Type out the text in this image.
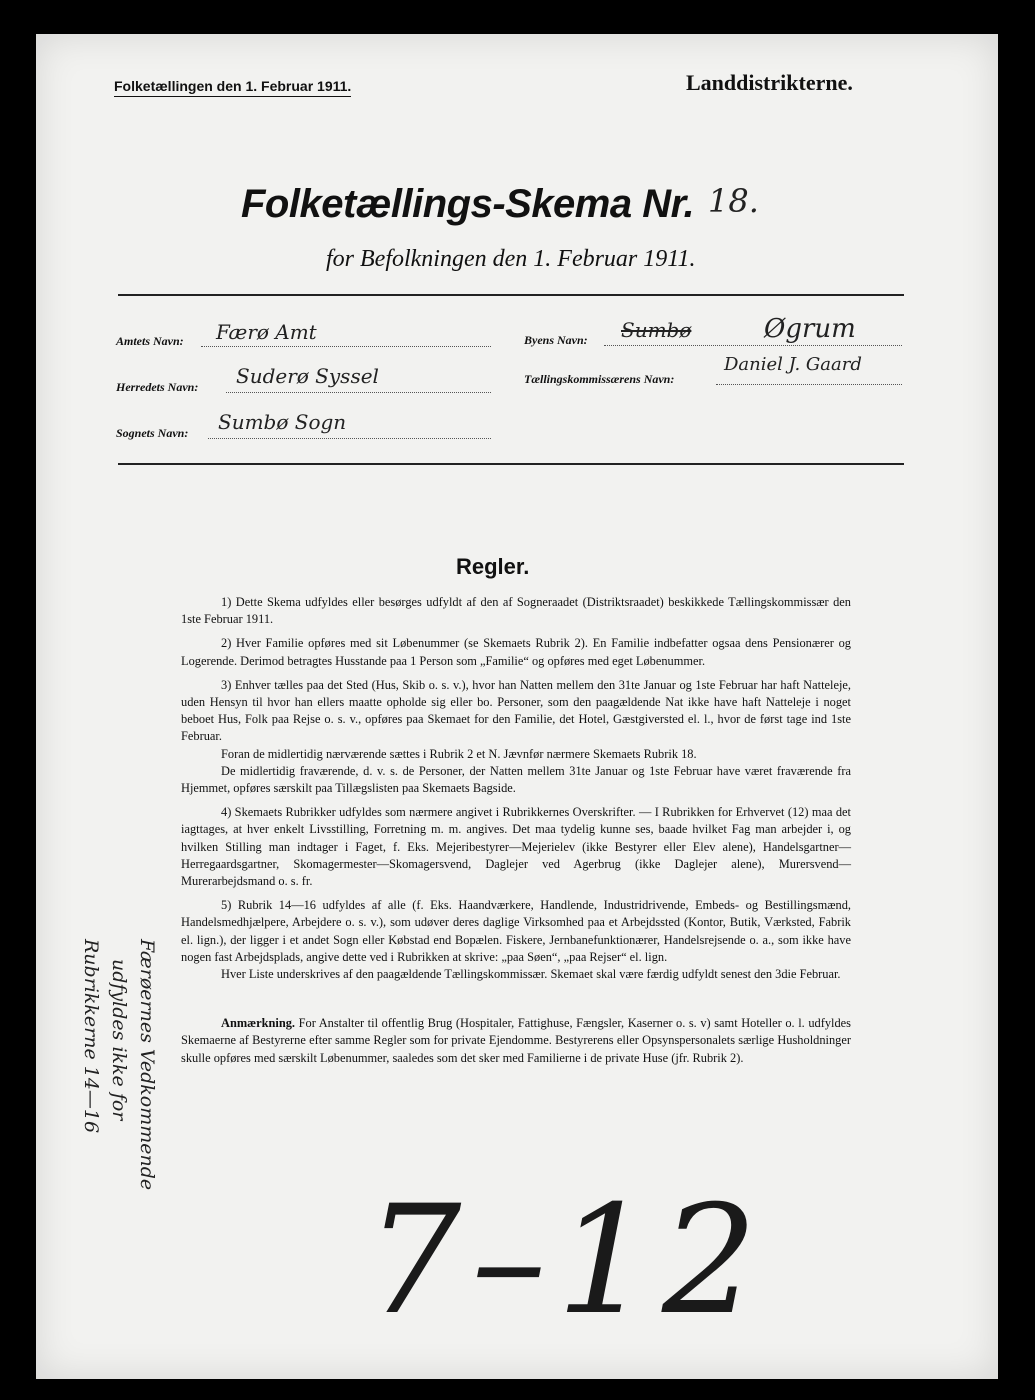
Folketællingen den 1. Februar 1911.	Landdistrikterne.
Folketællings-Skema Nr. 18.
for Befolkningen den 1. Februar 1911.
Amtets Navn: Færø Amt
Herredets Navn: Suderø Syssel
Sognets Navn: Sumbø Sogn
Byens Navn: Sumbø	Øgrum
Tællingskommissærens Navn:
Daniel J. Gaard
Regler.

1) Dette Skema udfyldes eller besørges udfyldt af den af Sogneraadet (Distriktsraadet) beskikkede Tællingskommissær den 1ste Februar 1911.

2) Hver Familie opføres med sit Løbenummer (se Skemaets Rubrik 2). En Familie indbefatter ogsaa dens Pensionærer og Logerende. Derimod betragtes Husstande paa 1 Person som „Familie“ og opføres med eget Løbenummer.

3) Enhver tælles paa det Sted (Hus, Skib o. s. v.), hvor han Natten mellem den 31te Januar og 1ste Februar har haft Natteleje, uden Hensyn til hvor han ellers maatte opholde sig eller bo. Personer, som den paagældende Nat ikke have haft Natteleje i noget beboet Hus, Folk paa Rejse o. s. v., opføres paa Skemaet for den Familie, det Hotel, Gæstgiversted el. l., hvor de først tage ind 1ste Februar.

Foran de midlertidig nærværende sættes i Rubrik 2 et N. Jævnfør nærmere Skemaets Rubrik 18.

De midlertidig fraværende, d. v. s. de Personer, der Natten mellem 31te Januar og 1ste Februar have været fraværende fra Hjemmet, opføres særskilt paa Tillægslisten paa Skemaets Bagside.

4) Skemaets Rubrikker udfyldes som nærmere angivet i Rubrikkernes Overskrifter. — I Rubrikken for Erhvervet (12) maa det iagttages, at hver enkelt Livsstilling, Forretning m. m. angives. Det maa tydelig kunne ses, baade hvilket Fag man arbejder i, og hvilken Stilling man indtager i Faget, f. Eks. Mejeribestyrer—Mejerielev (ikke Bestyrer eller Elev alene), Handelsgartner—Herregaardsgartner, Skomagermester—Skomagersvend, Daglejer ved Agerbrug (ikke Daglejer alene), Murersvend—Murerarbejdsmand o. s. fr.

5) Rubrik 14—16 udfyldes af alle (f. Eks. Haandværkere, Handlende, Industridrivende, Embeds- og Bestillingsmænd, Handelsmedhjælpere, Arbejdere o. s. v.), som udøver deres daglige Virksomhed paa et Arbejdssted (Kontor, Butik, Værksted, Fabrik el. lign.), der ligger i et andet Sogn eller Købstad end Bopælen. Fiskere, Jernbanefunktionærer, Handelsrejsende o. a., som ikke have nogen fast Arbejdsplads, angive dette ved i Rubrikken at skrive: „paa Søen“, „paa Rejser“ el. lign.

Hver Liste underskrives af den paagældende Tællingskommissær. Skemaet skal være færdig udfyldt senest den 3die Februar.

Anmærkning. For Anstalter til offentlig Brug (Hospitaler, Fattighuse, Fængsler, Kaserner o. s. v) samt Hoteller o. l. udfyldes Skemaerne af Bestyrerne efter samme Regler som for private Ejendomme. Bestyrerens eller Opsynspersonalets særlige Husholdninger skulle opføres med særskilt Løbenummer, saaledes som det sker med Familierne i de private Huse (jfr. Rubrik 2).

Rubrikkerne 14—16 udfyldes ikke for Færøernes Vedkommende
7–12
